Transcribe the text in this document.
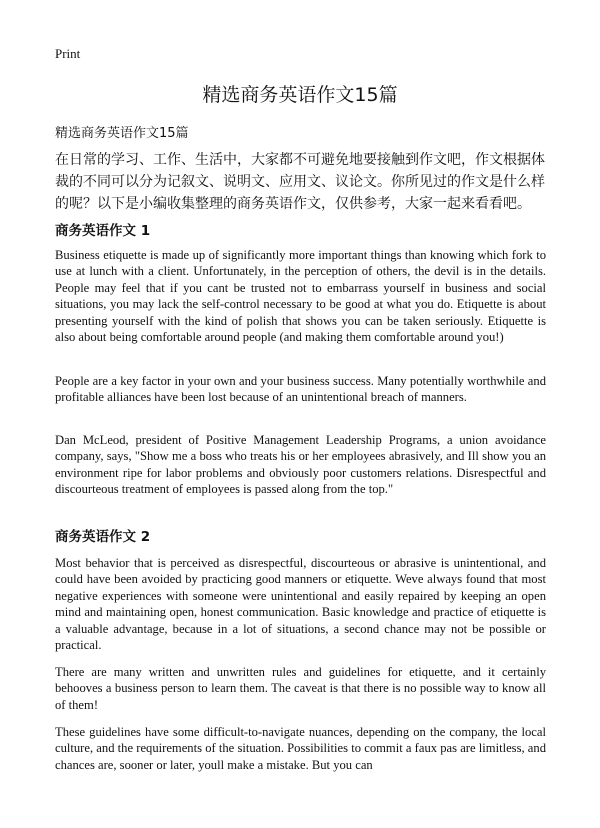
Print
精选商务英语作文15篇
精选商务英语作文15篇
在日常的学习、工作、生活中，大家都不可避免地要接触到作文吧，作文根据体裁的不同可以分为记叙文、说明文、应用文、议论文。你所见过的作文是什么样的呢？以下是小编收集整理的商务英语作文，仅供参考，大家一起来看看吧。
商务英语作文 1
Business etiquette is made up of significantly more important things than knowing which fork to use at lunch with a client. Unfortunately, in the perception of others, the devil is in the details. People may feel that if you cant be trusted not to embarrass yourself in business and social situations, you may lack the self-control necessary to be good at what you do. Etiquette is about presenting yourself with the kind of polish that shows you can be taken seriously. Etiquette is also about being comfortable around people (and making them comfortable around you!)
People are a key factor in your own and your business success. Many potentially worthwhile and profitable alliances have been lost because of an unintentional breach of manners.
Dan McLeod, president of Positive Management Leadership Programs, a union avoidance company, says, "Show me a boss who treats his or her employees abrasively, and Ill show you an environment ripe for labor problems and obviously poor customers relations. Disrespectful and discourteous treatment of employees is passed along from the top."
商务英语作文 2
Most behavior that is perceived as disrespectful, discourteous or abrasive is unintentional, and could have been avoided by practicing good manners or etiquette. Weve always found that most negative experiences with someone were unintentional and easily repaired by keeping an open mind and maintaining open, honest communication. Basic knowledge and practice of etiquette is a valuable advantage, because in a lot of situations, a second chance may not be possible or practical.
There are many written and unwritten rules and guidelines for etiquette, and it certainly behooves a business person to learn them. The caveat is that there is no possible way to know all of them!
These guidelines have some difficult-to-navigate nuances, depending on the company, the local culture, and the requirements of the situation. Possibilities to commit a faux pas are limitless, and chances are, sooner or later, youll make a mistake. But you can
